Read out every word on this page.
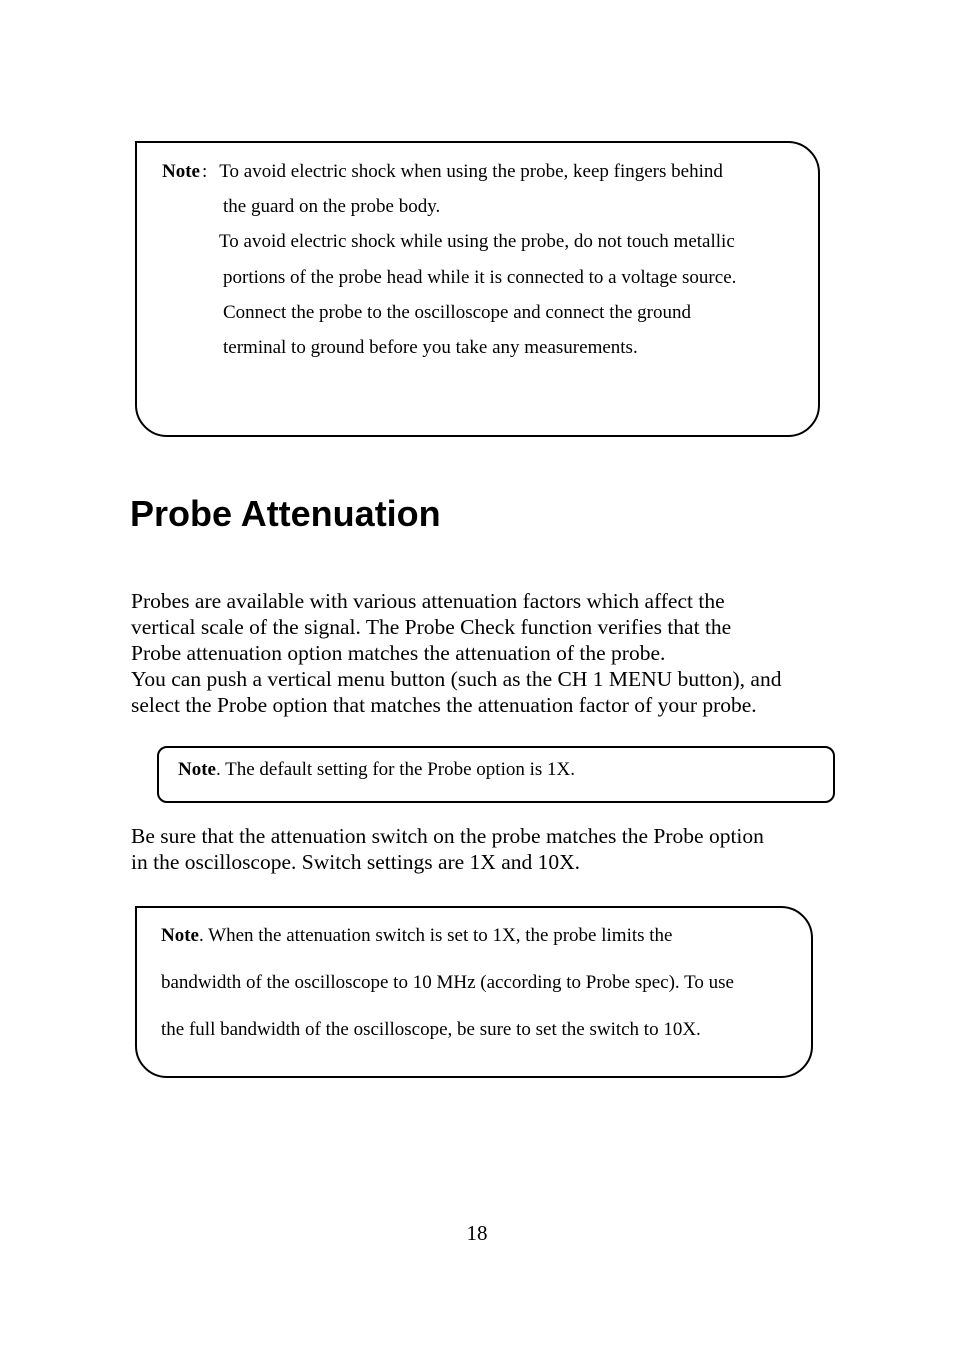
Note : To avoid electric shock when using the probe, keep fingers behind
the guard on the probe body.
To avoid electric shock while using the probe, do not touch metallic
portions of the probe head while it is connected to a voltage source.
Connect the probe to the oscilloscope and connect the ground
terminal to ground before you take any measurements.
Probe Attenuation
Probes are available with various attenuation factors which affect the
vertical scale of the signal. The Probe Check function verifies that the
Probe attenuation option matches the attenuation of the probe.
You can push a vertical menu button (such as the CH 1 MENU button), and
select the Probe option that matches the attenuation factor of your probe.
Note. The default setting for the Probe option is 1X.
Be sure that the attenuation switch on the probe matches the Probe option
in the oscilloscope. Switch settings are 1X and 10X.
Note. When the attenuation switch is set to 1X, the probe limits the
bandwidth of the oscilloscope to 10 MHz (according to Probe spec). To use
the full bandwidth of the oscilloscope, be sure to set the switch to 10X.
18
